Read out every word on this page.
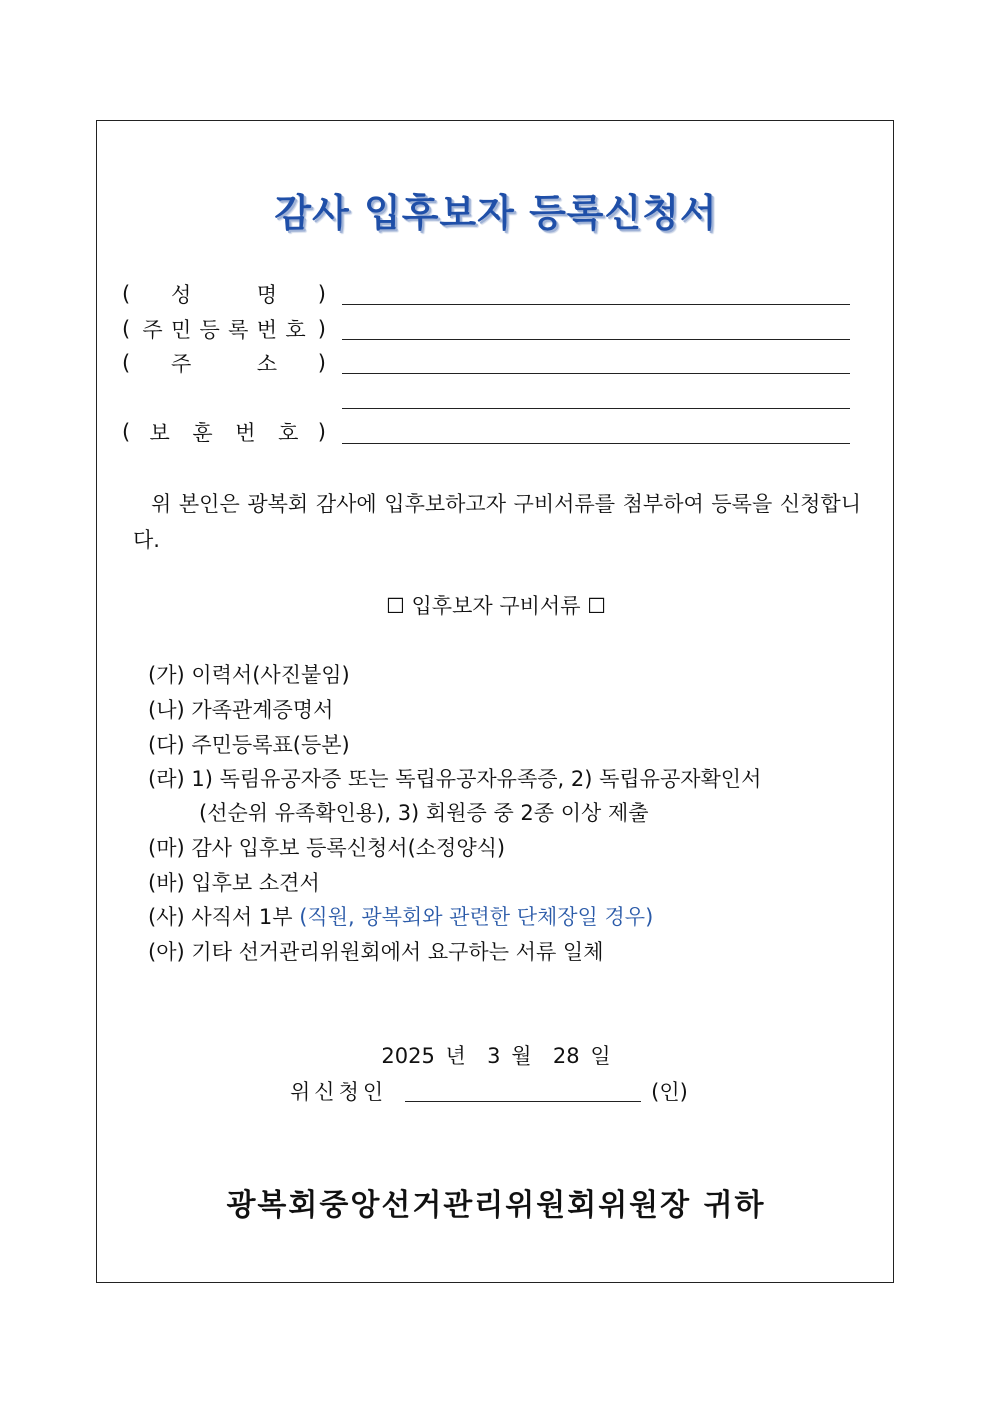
감사 입후보자 등록신청서
( 성	명 )
( 주 민 등 록 번 호 )
( 주	소 )
( 보 훈 번 호 )
위 본인은 광복회 감사에 입후보하고자 구비서류를 첨부하여 등록을 신청합니다.
☐ 입후보자 구비서류 ☐
(가) 이력서(사진붙임)
(나) 가족관계증명서
(다) 주민등록표(등본)
(라) 1) 독림유공자증 또는 독립유공자유족증, 2) 독립유공자확인서
(선순위 유족확인용), 3) 회원증 중 2종 이상 제출
(마) 감사 입후보 등록신청서(소정양식)
(바) 입후보 소견서
(사) 사직서 1부 (직원, 광복회와 관련한 단체장일 경우)
(아) 기타 선거관리위원회에서 요구하는 서류 일체
2025 년 3 월 28 일
위신청인	(인)
광복회중앙선거관리위원회위원장 귀하
